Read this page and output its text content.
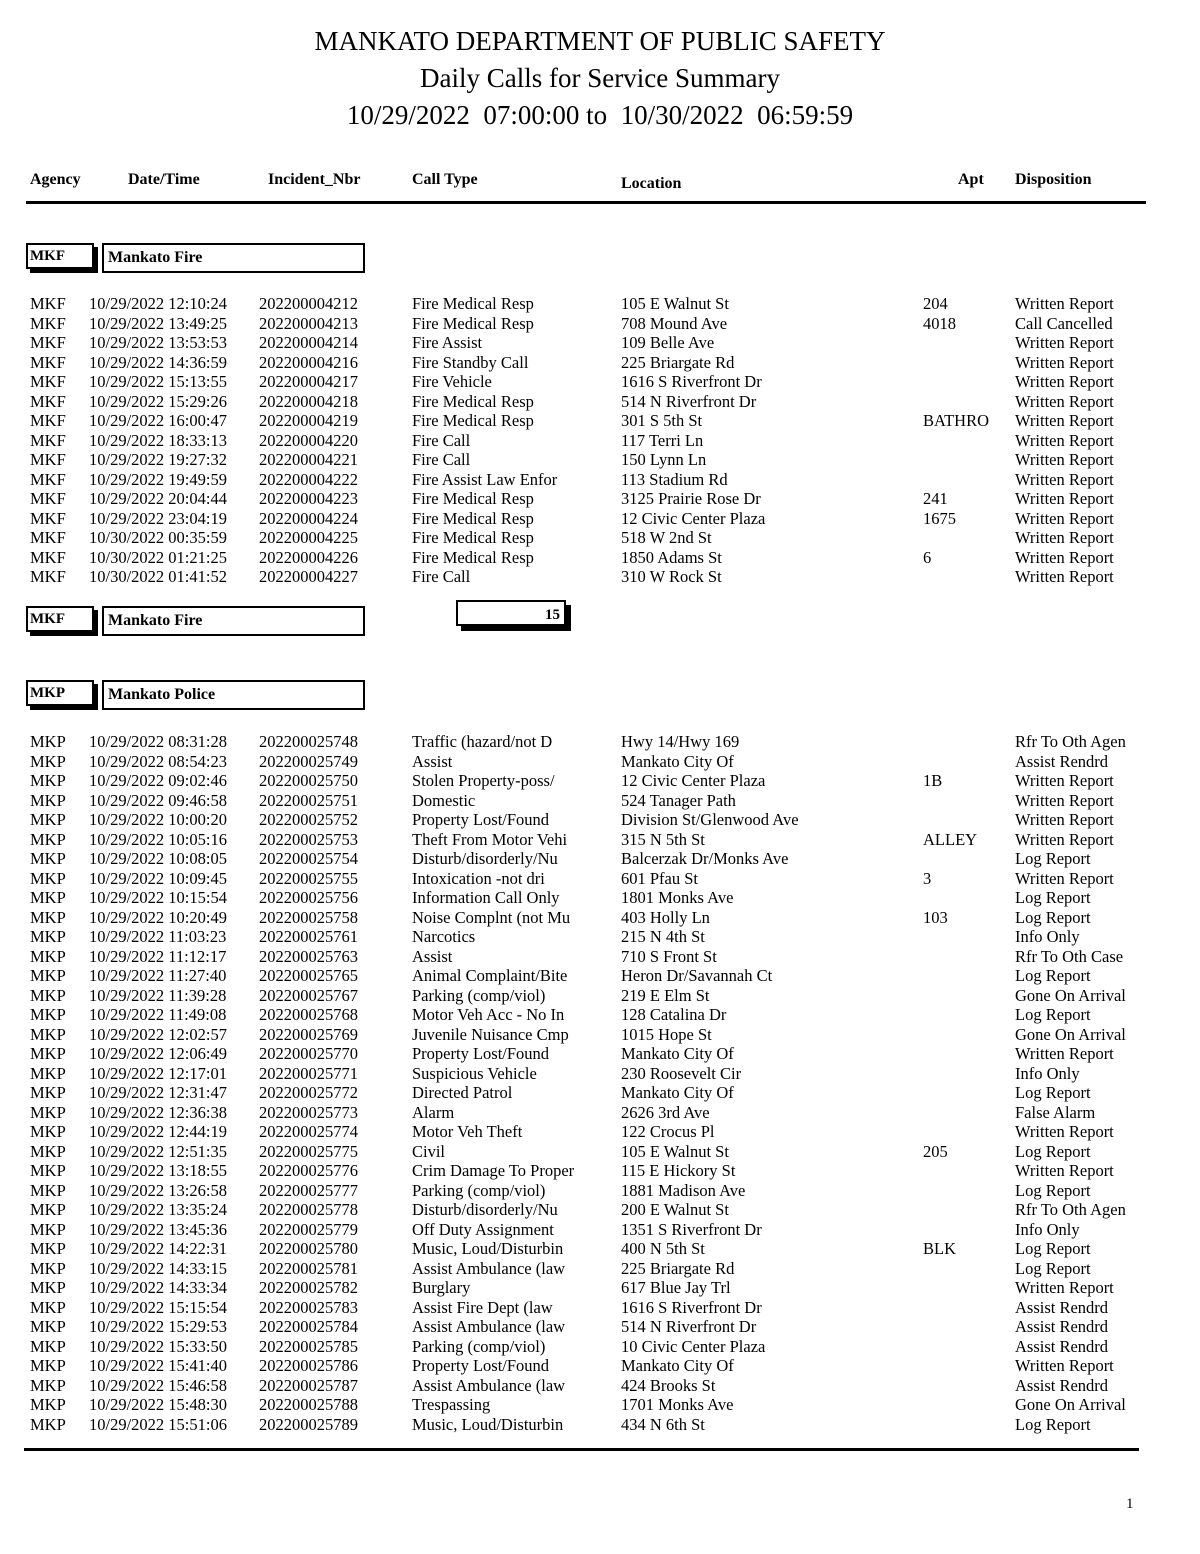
MANKATO DEPARTMENT OF PUBLIC SAFETY
Daily Calls for Service Summary
10/29/2022  07:00:00 to  10/30/2022  06:59:59
Agency	Date/Time	Incident_Nbr	Call Type	Location	Apt Disposition
MKF	Mankato Fire
MKF 10/29/2022 12:10:24 202200004212	Fire Medical Resp	105 E Walnut St	204	Written Report
MKF 10/29/2022 13:49:25 202200004213	Fire Medical Resp	708 Mound Ave	4018	Call Cancelled
MKF 10/29/2022 13:53:53 202200004214	Fire Assist	109 Belle Ave	Written Report
MKF 10/29/2022 14:36:59 202200004216	Fire Standby Call	225 Briargate Rd	Written Report
MKF 10/29/2022 15:13:55 202200004217	Fire Vehicle	1616 S Riverfront Dr	Written Report
MKF 10/29/2022 15:29:26 202200004218	Fire Medical Resp	514 N Riverfront Dr	Written Report
MKF 10/29/2022 16:00:47 202200004219	Fire Medical Resp	301 S 5th St	BATHRO Written Report
MKF 10/29/2022 18:33:13 202200004220	Fire Call	117 Terri Ln	Written Report
MKF 10/29/2022 19:27:32 202200004221	Fire Call	150 Lynn Ln	Written Report
MKF 10/29/2022 19:49:59 202200004222	Fire Assist Law Enfor	113 Stadium Rd	Written Report
MKF 10/29/2022 20:04:44 202200004223	Fire Medical Resp	3125 Prairie Rose Dr	241	Written Report
MKF 10/29/2022 23:04:19 202200004224	Fire Medical Resp	12 Civic Center Plaza	1675	Written Report
MKF 10/30/2022 00:35:59 202200004225	Fire Medical Resp	518 W 2nd St	Written Report
MKF 10/30/2022 01:21:25 202200004226	Fire Medical Resp	1850 Adams St	6	Written Report
MKF 10/30/2022 01:41:52 202200004227	Fire Call	310 W Rock St	Written Report
MKF	Mankato Fire	15
MKP	Mankato Police
MKP 10/29/2022 08:31:28 202200025748	Traffic (hazard/not D	Hwy 14/Hwy 169	Rfr To Oth Agen
MKP 10/29/2022 08:54:23 202200025749	Assist	Mankato City Of	Assist Rendrd
MKP 10/29/2022 09:02:46 202200025750	Stolen Property-poss/	12 Civic Center Plaza	1B	Written Report
MKP 10/29/2022 09:46:58 202200025751	Domestic	524 Tanager Path	Written Report
MKP 10/29/2022 10:00:20 202200025752	Property Lost/Found	Division St/Glenwood Ave	Written Report
MKP 10/29/2022 10:05:16 202200025753	Theft From Motor Vehi	315 N 5th St	ALLEY Written Report
MKP 10/29/2022 10:08:05 202200025754	Disturb/disorderly/Nu	Balcerzak Dr/Monks Ave	Log Report
MKP 10/29/2022 10:09:45 202200025755	Intoxication -not dri	601 Pfau St	3	Written Report
MKP 10/29/2022 10:15:54 202200025756	Information Call Only	1801 Monks Ave	Log Report
MKP 10/29/2022 10:20:49 202200025758	Noise Complnt (not Mu	403 Holly Ln	103	Log Report
MKP 10/29/2022 11:03:23 202200025761	Narcotics	215 N 4th St	Info Only
MKP 10/29/2022 11:12:17 202200025763	Assist	710 S Front St	Rfr To Oth Case
MKP 10/29/2022 11:27:40 202200025765	Animal Complaint/Bite	Heron Dr/Savannah Ct	Log Report
MKP 10/29/2022 11:39:28 202200025767	Parking (comp/viol)	219 E Elm St	Gone On Arrival
MKP 10/29/2022 11:49:08 202200025768	Motor Veh Acc - No In	128 Catalina Dr	Log Report
MKP 10/29/2022 12:02:57 202200025769	Juvenile Nuisance Cmp	1015 Hope St	Gone On Arrival
MKP 10/29/2022 12:06:49 202200025770	Property Lost/Found	Mankato City Of	Written Report
MKP 10/29/2022 12:17:01 202200025771	Suspicious Vehicle	230 Roosevelt Cir	Info Only
MKP 10/29/2022 12:31:47 202200025772	Directed Patrol	Mankato City Of	Log Report
MKP 10/29/2022 12:36:38 202200025773	Alarm	2626 3rd Ave	False Alarm
MKP 10/29/2022 12:44:19 202200025774	Motor Veh Theft	122 Crocus Pl	Written Report
MKP 10/29/2022 12:51:35 202200025775	Civil	105 E Walnut St	205	Log Report
MKP 10/29/2022 13:18:55 202200025776	Crim Damage To Proper	115 E Hickory St	Written Report
MKP 10/29/2022 13:26:58 202200025777	Parking (comp/viol)	1881 Madison Ave	Log Report
MKP 10/29/2022 13:35:24 202200025778	Disturb/disorderly/Nu	200 E Walnut St	Rfr To Oth Agen
MKP 10/29/2022 13:45:36 202200025779	Off Duty Assignment	1351 S Riverfront Dr	Info Only
MKP 10/29/2022 14:22:31 202200025780	Music, Loud/Disturbin	400 N 5th St	BLK	Log Report
MKP 10/29/2022 14:33:15 202200025781	Assist Ambulance (law	225 Briargate Rd	Log Report
MKP 10/29/2022 14:33:34 202200025782	Burglary	617 Blue Jay Trl	Written Report
MKP 10/29/2022 15:15:54 202200025783	Assist Fire Dept (law	1616 S Riverfront Dr	Assist Rendrd
MKP 10/29/2022 15:29:53 202200025784	Assist Ambulance (law	514 N Riverfront Dr	Assist Rendrd
MKP 10/29/2022 15:33:50 202200025785	Parking (comp/viol)	10 Civic Center Plaza	Assist Rendrd
MKP 10/29/2022 15:41:40 202200025786	Property Lost/Found	Mankato City Of	Written Report
MKP 10/29/2022 15:46:58 202200025787	Assist Ambulance (law	424 Brooks St	Assist Rendrd
MKP 10/29/2022 15:48:30 202200025788	Trespassing	1701 Monks Ave	Gone On Arrival
MKP 10/29/2022 15:51:06 202200025789	Music, Loud/Disturbin	434 N 6th St	Log Report
1
